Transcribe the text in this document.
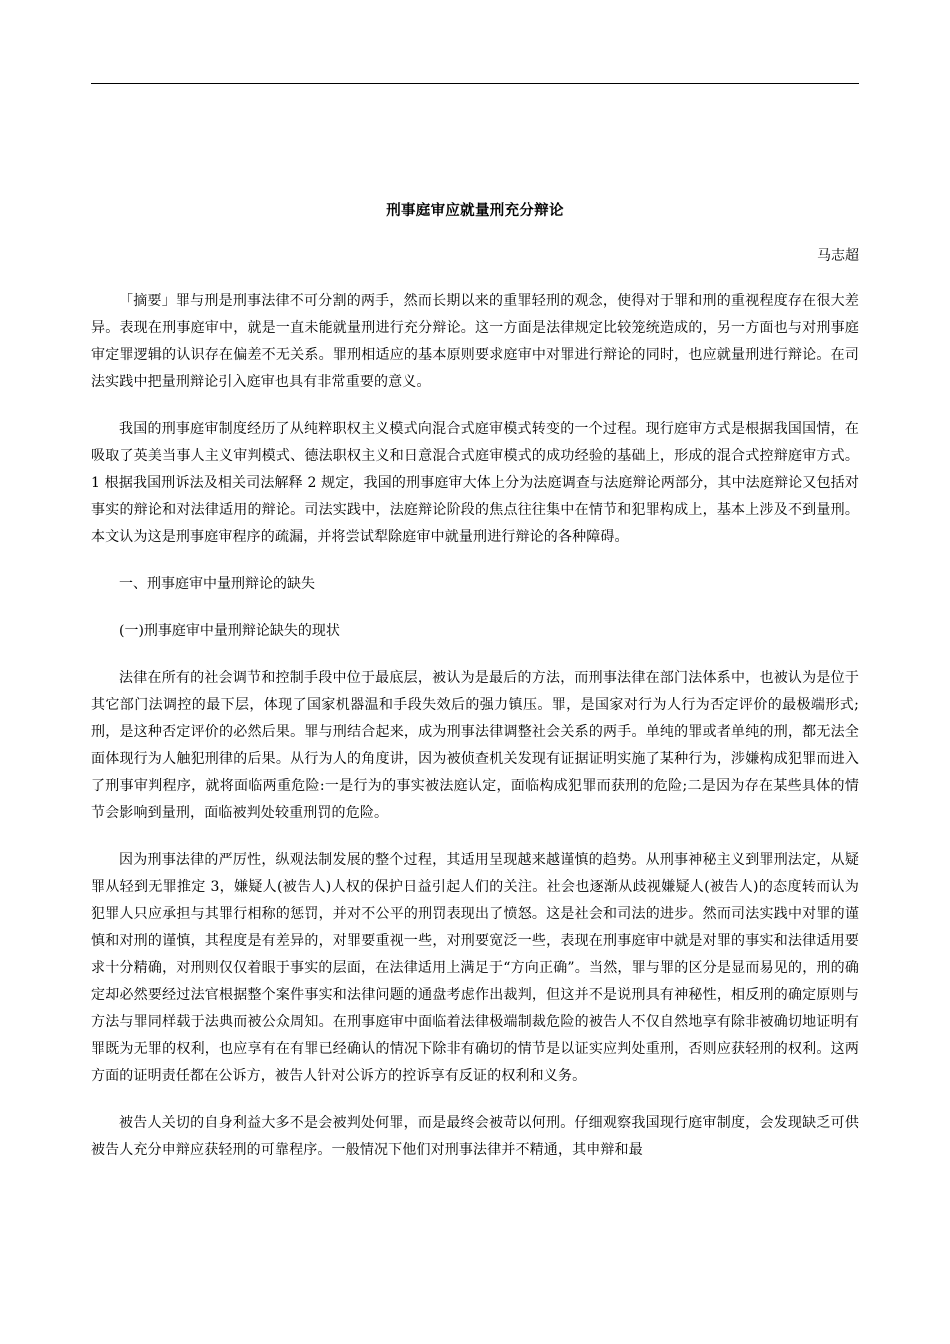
刑事庭审应就量刑充分辩论
马志超

「摘要」罪与刑是刑事法律不可分割的两手，然而长期以来的重罪轻刑的观念，使得对于罪和刑的重视程度存在很大差异。表现在刑事庭审中，就是一直未能就量刑进行充分辩论。这一方面是法律规定比较笼统造成的，另一方面也与对刑事庭审定罪逻辑的认识存在偏差不无关系。罪刑相适应的基本原则要求庭审中对罪进行辩论的同时，也应就量刑进行辩论。在司法实践中把量刑辩论引入庭审也具有非常重要的意义。

我国的刑事庭审制度经历了从纯粹职权主义模式向混合式庭审模式转变的一个过程。现行庭审方式是根据我国国情，在吸取了英美当事人主义审判模式、德法职权主义和日意混合式庭审模式的成功经验的基础上，形成的混合式控辩庭审方式。1 根据我国刑诉法及相关司法解释 2 规定，我国的刑事庭审大体上分为法庭调查与法庭辩论两部分，其中法庭辩论又包括对事实的辩论和对法律适用的辩论。司法实践中，法庭辩论阶段的焦点往往集中在情节和犯罪构成上，基本上涉及不到量刑。本文认为这是刑事庭审程序的疏漏，并将尝试犁除庭审中就量刑进行辩论的各种障碍。

一、刑事庭审中量刑辩论的缺失

(一)刑事庭审中量刑辩论缺失的现状

法律在所有的社会调节和控制手段中位于最底层，被认为是最后的方法，而刑事法律在部门法体系中，也被认为是位于其它部门法调控的最下层，体现了国家机器温和手段失效后的强力镇压。罪，是国家对行为人行为否定评价的最极端形式;刑，是这种否定评价的必然后果。罪与刑结合起来，成为刑事法律调整社会关系的两手。单纯的罪或者单纯的刑，都无法全面体现行为人触犯刑律的后果。从行为人的角度讲，因为被侦查机关发现有证据证明实施了某种行为，涉嫌构成犯罪而进入了刑事审判程序，就将面临两重危险:一是行为的事实被法庭认定，面临构成犯罪而获刑的危险;二是因为存在某些具体的情节会影响到量刑，面临被判处较重刑罚的危险。

因为刑事法律的严厉性，纵观法制发展的整个过程，其适用呈现越来越谨慎的趋势。从刑事神秘主义到罪刑法定，从疑罪从轻到无罪推定 3，嫌疑人(被告人)人权的保护日益引起人们的关注。社会也逐渐从歧视嫌疑人(被告人)的态度转而认为犯罪人只应承担与其罪行相称的惩罚，并对不公平的刑罚表现出了愤怒。这是社会和司法的进步。然而司法实践中对罪的谨慎和对刑的谨慎，其程度是有差异的，对罪要重视一些，对刑要宽泛一些，表现在刑事庭审中就是对罪的事实和法律适用要求十分精确，对刑则仅仅着眼于事实的层面，在法律适用上满足于“方向正确”。当然，罪与罪的区分是显而易见的，刑的确定却必然要经过法官根据整个案件事实和法律问题的通盘考虑作出裁判，但这并不是说刑具有神秘性，相反刑的确定原则与方法与罪同样载于法典而被公众周知。在刑事庭审中面临着法律极端制裁危险的被告人不仅自然地享有除非被确切地证明有罪既为无罪的权利，也应享有在有罪已经确认的情况下除非有确切的情节是以证实应判处重刑，否则应获轻刑的权利。这两方面的证明责任都在公诉方，被告人针对公诉方的控诉享有反证的权利和义务。

被告人关切的自身利益大多不是会被判处何罪，而是最终会被苛以何刑。仔细观察我国现行庭审制度，会发现缺乏可供被告人充分申辩应获轻刑的可靠程序。一般情况下他们对刑事法律并不精通，其申辩和最
